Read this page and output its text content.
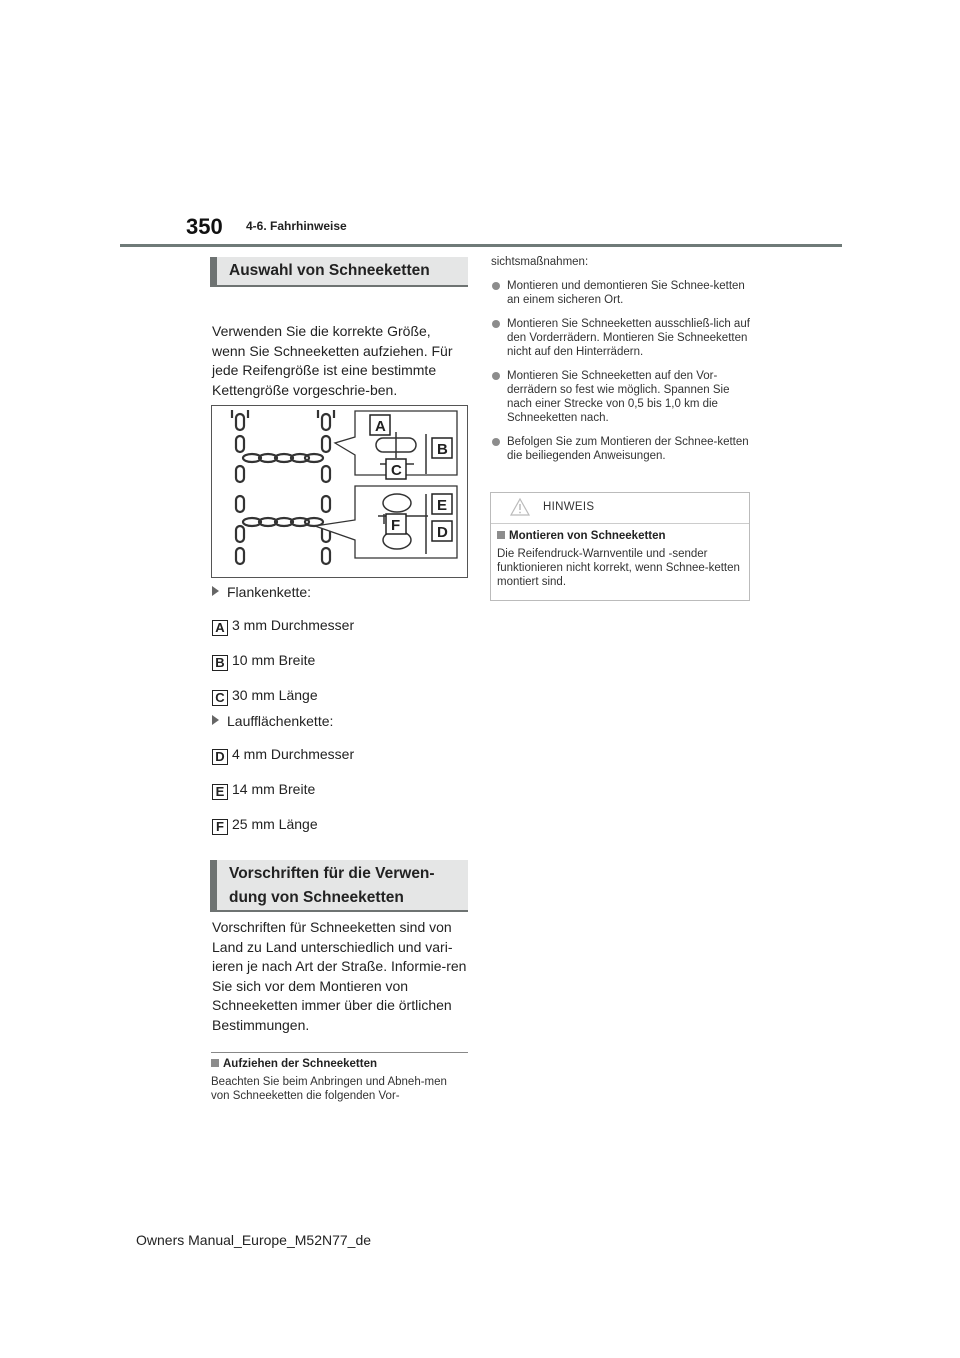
350 4-6. Fahrhinweise
Auswahl von Schneeketten
Verwenden Sie die korrekte Größe, wenn Sie Schneeketten aufziehen. Für jede Reifengröße ist eine bestimmte Kettengröße vorgeschrie-ben.
A
B
C
E
F D
Flankenkette:
A 3 mm Durchmesser
B 10 mm Breite
C 30 mm Länge
Laufflächenkette:
D 4 mm Durchmesser
E 14 mm Breite
F 25 mm Länge
Vorschriften für die Verwen-
dung von Schneeketten
Vorschriften für Schneeketten sind von Land zu Land unterschiedlich und vari-ieren je nach Art der Straße. Informie-ren Sie sich vor dem Montieren von Schneeketten immer über die örtlichen Bestimmungen.
Aufziehen der Schneeketten
Beachten Sie beim Anbringen und Abneh-men von Schneeketten die folgenden Vor-
sichtsmaßnahmen:
Montieren und demontieren Sie Schnee-ketten an einem sicheren Ort.
Montieren Sie Schneeketten ausschließ-lich auf den Vorderrädern. Montieren Sie Schneeketten nicht auf den Hinterrädern.
Montieren Sie Schneeketten auf den Vor-derrädern so fest wie möglich. Spannen Sie nach einer Strecke von 0,5 bis 1,0 km die Schneeketten nach.
Befolgen Sie zum Montieren der Schnee-ketten die beiliegenden Anweisungen.
HINWEIS
Montieren von Schneeketten
Die Reifendruck-Warnventile und -sender funktionieren nicht korrekt, wenn Schnee-ketten montiert sind.
Owners Manual_Europe_M52N77_de
